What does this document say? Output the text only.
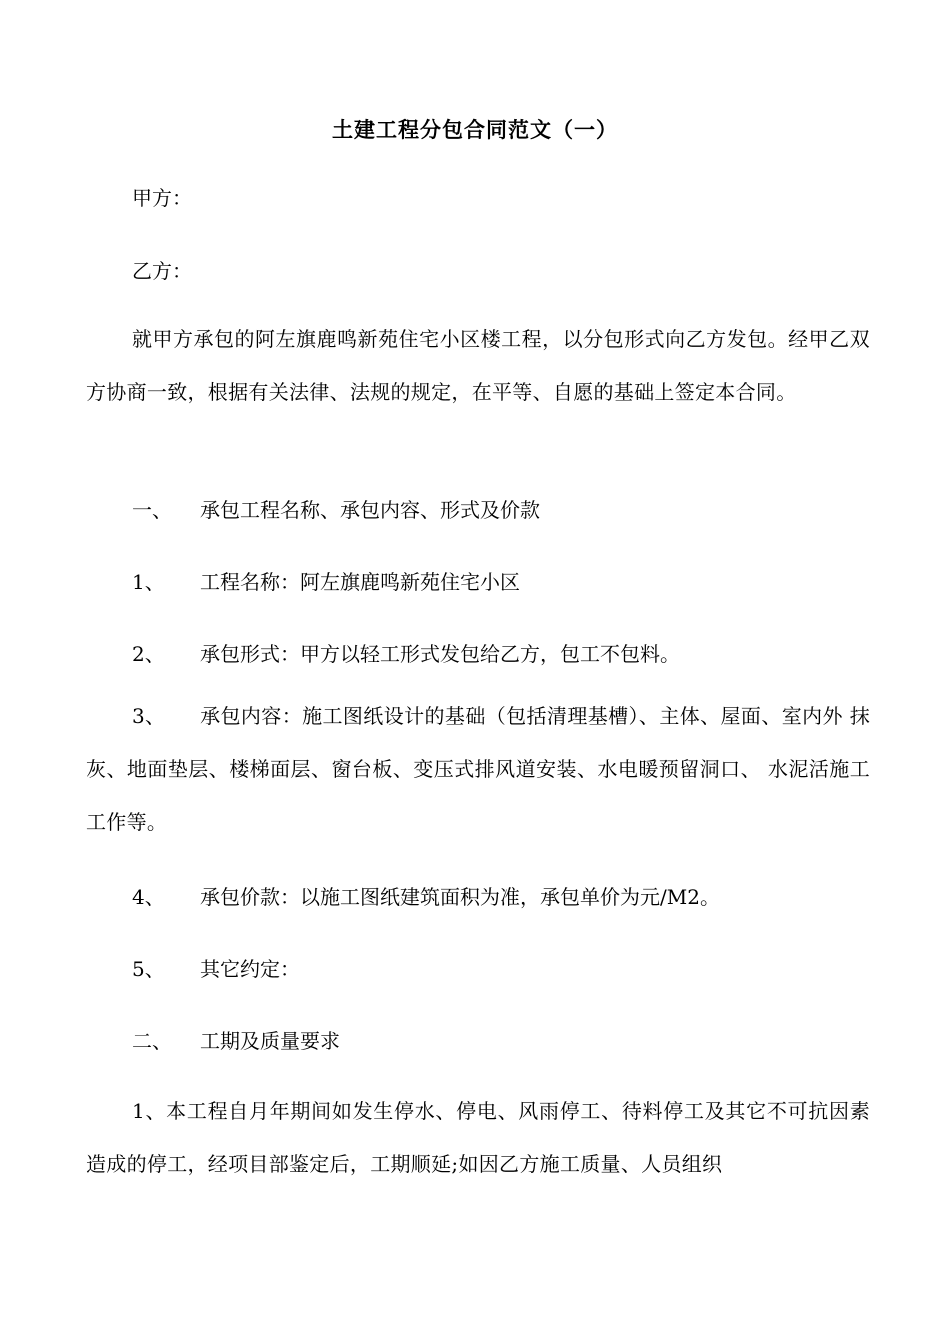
土建工程分包合同范文（一）
甲方：
乙方：
就甲方承包的阿左旗鹿鸣新苑住宅小区楼工程，以分包形式向乙方发包。经甲乙双方协商一致，根据有关法律、法规的规定，在平等、自愿的基础上签定本合同。
一、 承包工程名称、承包内容、形式及价款
1、 工程名称：阿左旗鹿鸣新苑住宅小区
2、 承包形式：甲方以轻工形式发包给乙方，包工不包料。
3、 承包内容：施工图纸设计的基础（包括清理基槽）、主体、屋面、室内外 抹灰、地面垫层、楼梯面层、窗台板、变压式排风道安装、水电暖预留洞口、 水泥活施工工作等。
4、 承包价款：以施工图纸建筑面积为准，承包单价为元/M2。
5、 其它约定：
二、 工期及质量要求
1、本工程自月年期间如发生停水、停电、风雨停工、待料停工及其它不可抗因素造成的停工，经项目部鉴定后，工期顺延;如因乙方施工质量、人员组织
